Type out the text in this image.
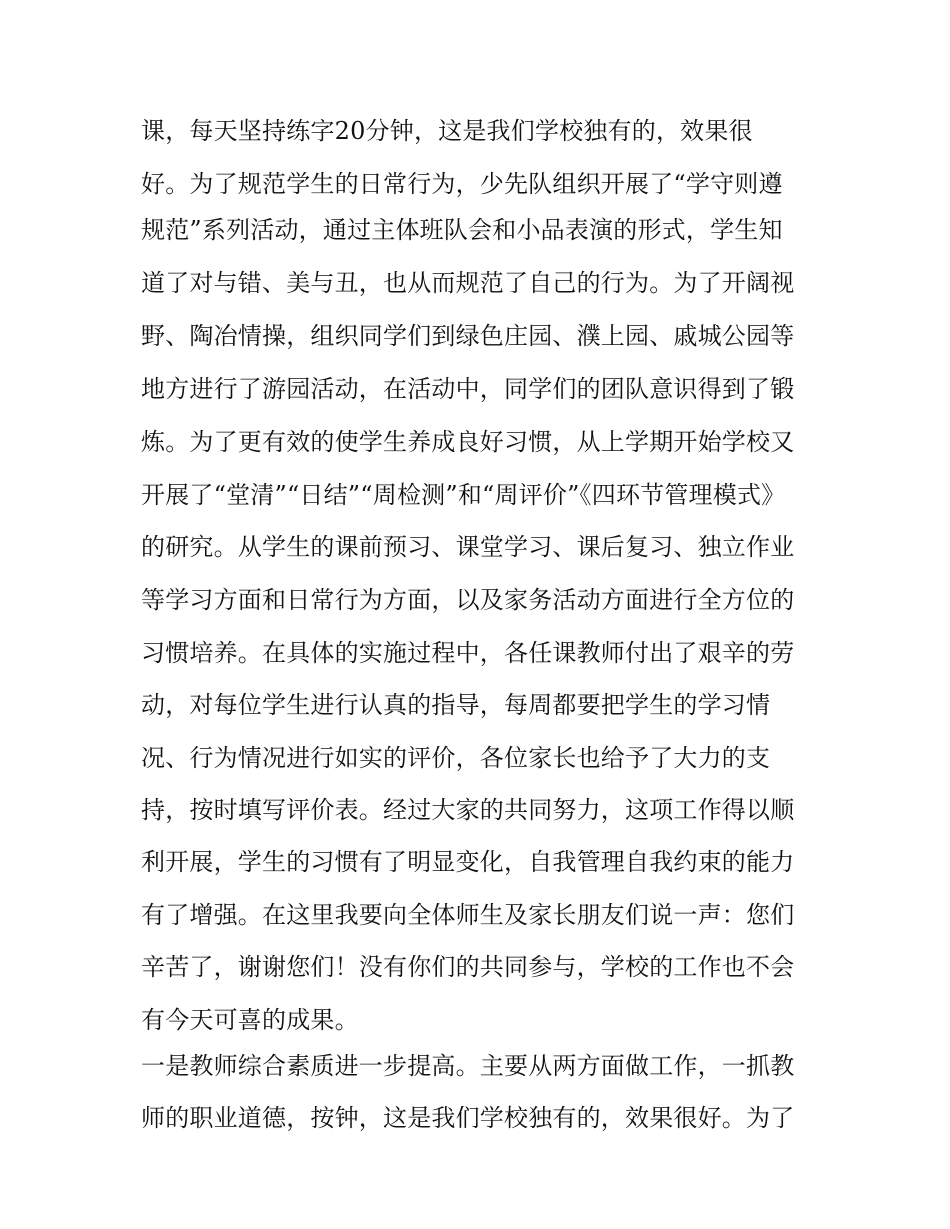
课，每天坚持练字20分钟，这是我们学校独有的，效果很
好。为了规范学生的日常行为，少先队组织开展了“学守则遵
规范”系列活动，通过主体班队会和小品表演的形式，学生知
道了对与错、美与丑，也从而规范了自己的行为。为了开阔视
野、陶冶情操，组织同学们到绿色庄园、濮上园、戚城公园等
地方进行了游园活动，在活动中，同学们的团队意识得到了锻
炼。为了更有效的使学生养成良好习惯，从上学期开始学校又
开展了“堂清”“日结”“周检测”和“周评价”《四环节管理模式》
的研究。从学生的课前预习、课堂学习、课后复习、独立作业
等学习方面和日常行为方面，以及家务活动方面进行全方位的
习惯培养。在具体的实施过程中，各任课教师付出了艰辛的劳
动，对每位学生进行认真的指导，每周都要把学生的学习情
况、行为情况进行如实的评价，各位家长也给予了大力的支
持，按时填写评价表。经过大家的共同努力，这项工作得以顺
利开展，学生的习惯有了明显变化，自我管理自我约束的能力
有了增强。在这里我要向全体师生及家长朋友们说一声：您们
辛苦了，谢谢您们！没有你们的共同参与，学校的工作也不会
有今天可喜的成果。
一是教师综合素质进一步提高。主要从两方面做工作，一抓教
师的职业道德，按钟，这是我们学校独有的，效果很好。为了
